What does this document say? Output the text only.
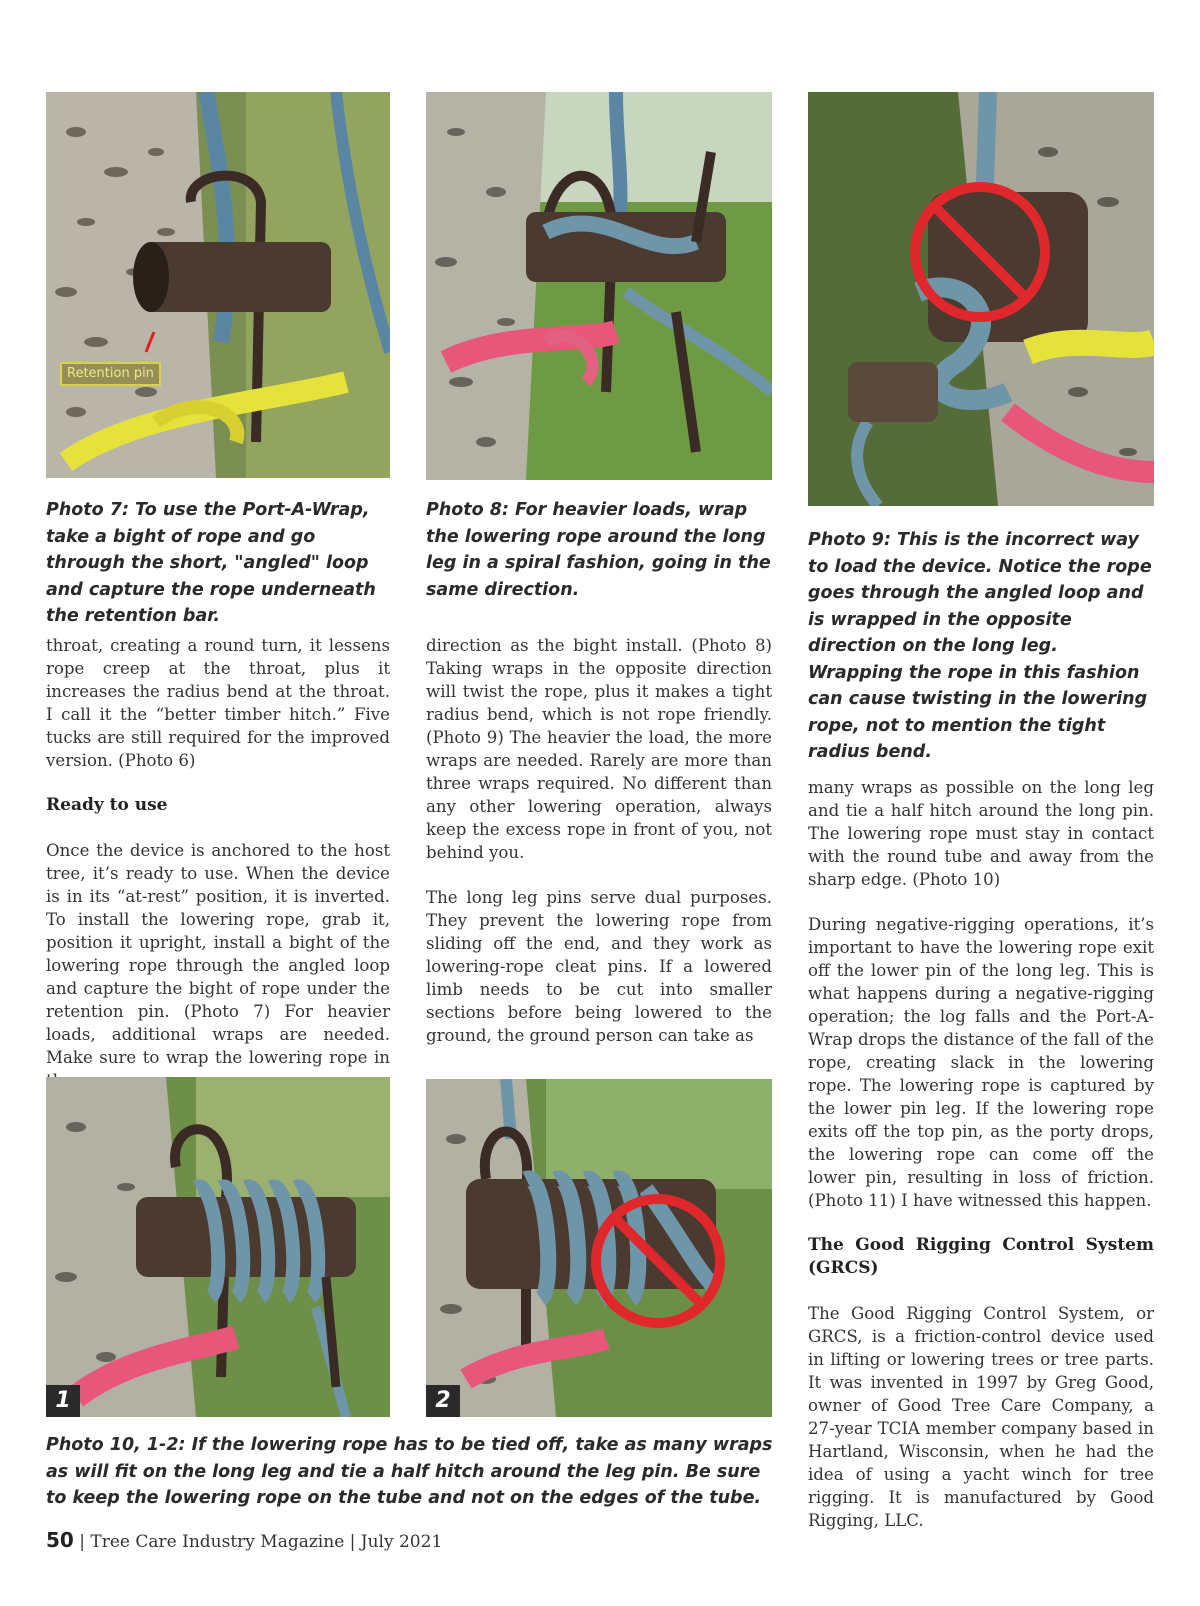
Retention pin

Photo 7: To use the Port-A-Wrap, take a bight of rope and go through the short, "angled" loop and capture the rope underneath the retention bar.

Photo 8: For heavier loads, wrap the lowering rope around the long leg in a spiral fashion, going in the same direction.

Photo 9: This is the incorrect way to load the device. Notice the rope goes through the angled loop and is wrapped in the opposite direction on the long leg. Wrapping the rope in this fashion can cause twisting in the lowering rope, not to mention the tight radius bend.

throat, creating a round turn, it lessens rope creep at the throat, plus it increases the radius bend at the throat. I call it the “better timber hitch.” Five tucks are still required for the improved version. (Photo 6)

Ready to use

Once the device is anchored to the host tree, it’s ready to use. When the device is in its “at-rest” position, it is inverted. To install the lowering rope, grab it, position it upright, install a bight of the lowering rope through the angled loop and capture the bight of rope under the retention pin. (Photo 7) For heavier loads, additional wraps are needed. Make sure to wrap the lowering rope in

direction as the bight install. (Photo 8) Taking wraps in the opposite direction will twist the rope, plus it makes a tight radius bend, which is not rope friendly. (Photo 9) The heavier the load, the more wraps are needed. Rarely are more than three wraps required. No different than any other lowering operation, always keep the excess rope in front of you, not behind you.

The long leg pins serve dual purposes. They prevent the lowering rope from sliding off the end, and they work as lowering-rope cleat pins. If a lowered limb needs to be cut into smaller sections before being lowered to the ground, the ground person can take as

many wraps as possible on the long leg and tie a half hitch around the long pin. The lowering rope must stay in contact with the round tube and away from the sharp edge. (Photo 10)

During negative-rigging operations, it’s important to have the lowering rope exit off the lower pin of the long leg. This is what happens during a negative-rigging operation; the log falls and the Port-A-Wrap drops the distance of the fall of the rope, creating slack in the lowering rope. The lowering rope is captured by the lower pin leg. If the lowering rope exits off the top pin, as the porty drops, the lowering rope can come off the lower pin, resulting in loss of friction. (Photo 11) I have witnessed this happen.

The Good Rigging Control System (GRCS)

The Good Rigging Control System, or GRCS, is a friction-control device used in lifting or lowering trees or tree parts. It was invented in 1997 by Greg Good, owner of Good Tree Care Company, a 27-year TCIA member company based in Hartland, Wisconsin, when he had the idea of using a yacht winch for tree rigging. It is manufactured by Good Rigging, LLC.

1	2

Photo 10, 1-2: If the lowering rope has to be tied off, take as many wraps as will fit on the long leg and tie a half hitch around the leg pin. Be sure to keep the lowering rope on the tube and not on the edges of the tube.

50 | Tree Care Industry Magazine | July 2021
